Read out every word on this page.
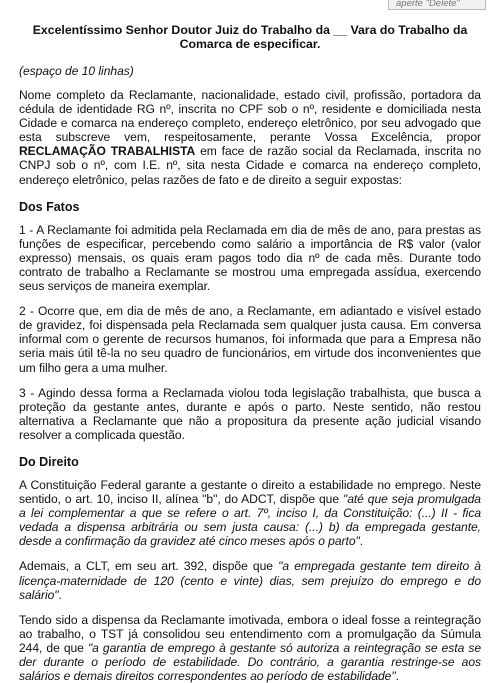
aperte "Delete"
Excelentíssimo Senhor Doutor Juiz do Trabalho da __ Vara do Trabalho da Comarca de especificar.
(espaço de 10 linhas)

Nome completo da Reclamante, nacionalidade, estado civil, profissão, portadora da cédula de identidade RG nº, inscrita no CPF sob o nº, residente e domiciliada nesta Cidade e comarca na endereço completo, endereço eletrônico, por seu advogado que esta subscreve vem, respeitosamente, perante Vossa Excelência, propor RECLAMAÇÃO TRABALHISTA em face de razão social da Reclamada, inscrita no CNPJ sob o nº, com I.E. nº, sita nesta Cidade e comarca na endereço completo, endereço eletrônico, pelas razões de fato e de direito a seguir expostas:

Dos Fatos

1 - A Reclamante foi admitida pela Reclamada em dia de mês de ano, para prestas as funções de especificar, percebendo como salário a importância de R$ valor (valor expresso) mensais, os quais eram pagos todo dia nº de cada mês. Durante todo contrato de trabalho a Reclamante se mostrou uma empregada assídua, exercendo seus serviços de maneira exemplar.

2 - Ocorre que, em dia de mês de ano, a Reclamante, em adiantado e visível estado de gravidez, foi dispensada pela Reclamada sem qualquer justa causa. Em conversa informal com o gerente de recursos humanos, foi informada que para a Empresa não seria mais útil tê-la no seu quadro de funcionários, em virtude dos inconvenientes que um filho gera a uma mulher.

3 - Agindo dessa forma a Reclamada violou toda legislação trabalhista, que busca a proteção da gestante antes, durante e após o parto. Neste sentido, não restou alternativa a Reclamante que não a propositura da presente ação judicial visando resolver a complicada questão.

Do Direito

A Constituição Federal garante a gestante o direito a estabilidade no emprego. Neste sentido, o art. 10, inciso II, alínea "b", do ADCT, dispõe que "até que seja promulgada a lei complementar a que se refere o art. 7º, inciso I, da Constituição: (...) II - fica vedada a dispensa arbitrária ou sem justa causa: (...) b) da empregada gestante, desde a confirmação da gravidez até cinco meses após o parto".

Ademais, a CLT, em seu art. 392, dispõe que "a empregada gestante tem direito à licença-maternidade de 120 (cento e vinte) dias, sem prejuízo do emprego e do salário".

Tendo sido a dispensa da Reclamante imotivada, embora o ideal fosse a reintegração ao trabalho, o TST já consolidou seu entendimento com a promulgação da Súmula 244, de que "a garantia de emprego à gestante só autoriza a reintegração se esta se der durante o período de estabilidade. Do contrário, a garantia restringe-se aos salários e demais direitos correspondentes ao período de estabilidade".
